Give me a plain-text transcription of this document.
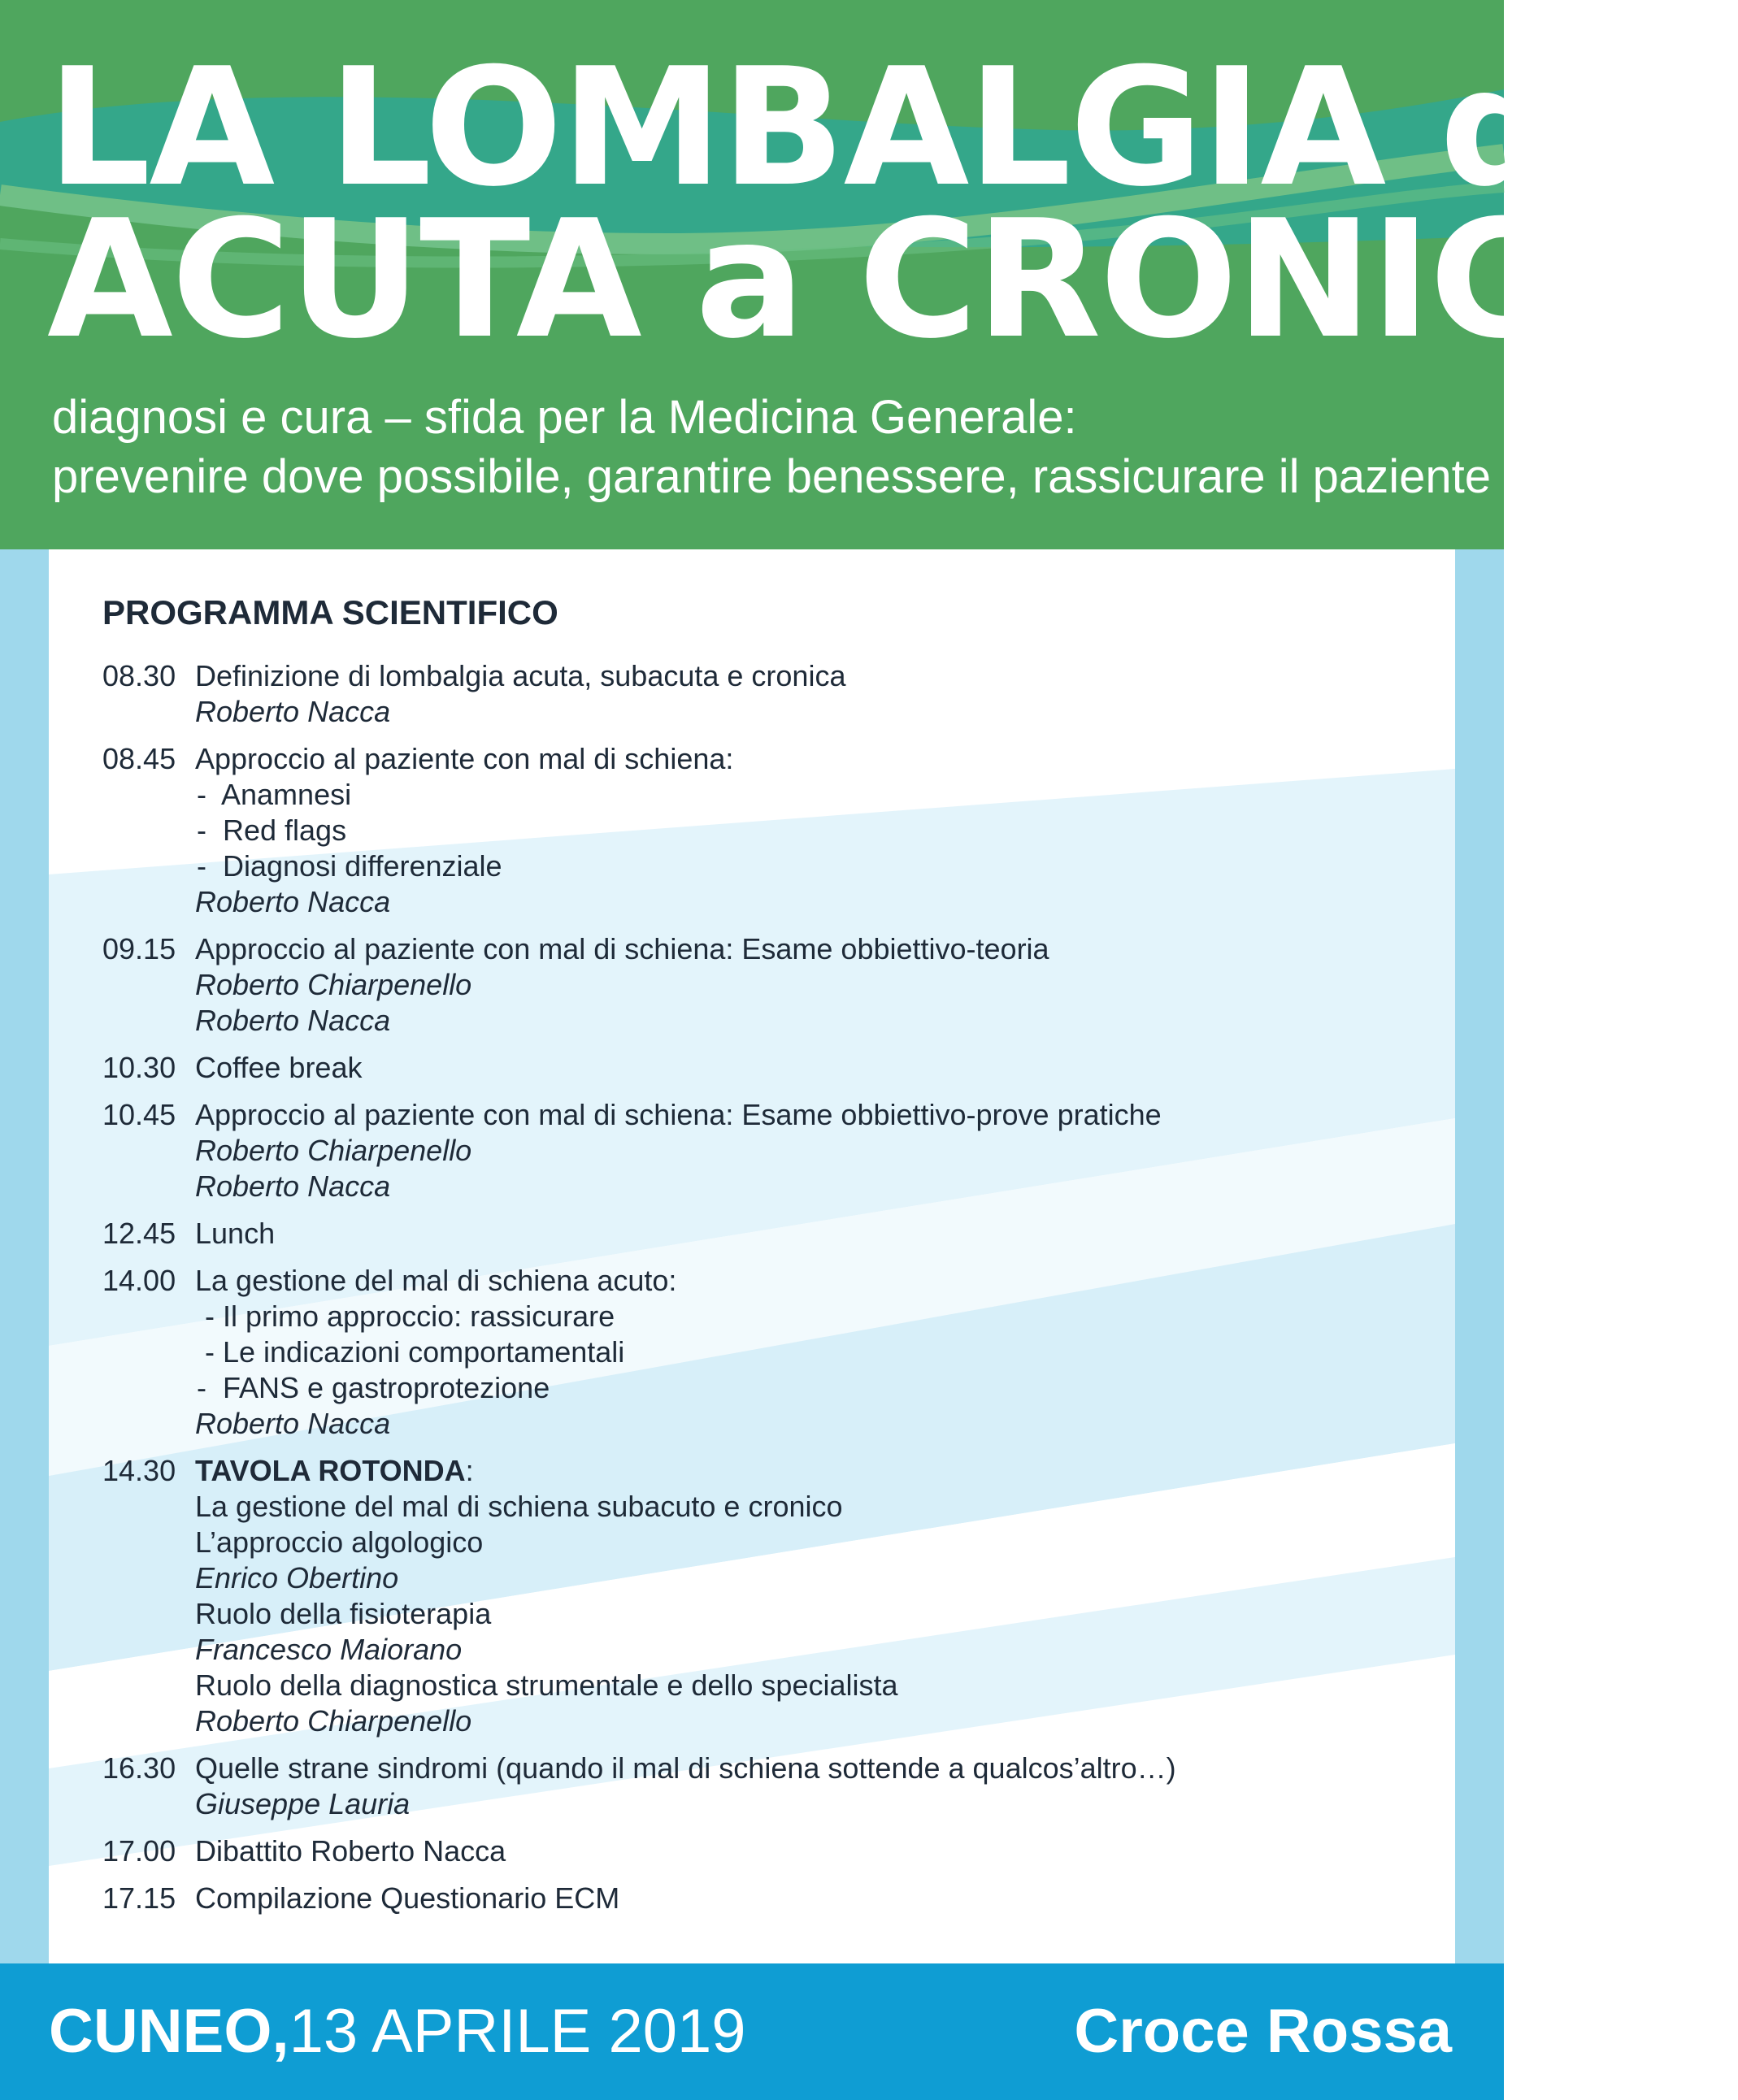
LA LOMBALGIA da
ACUTA a CRONICA:
diagnosi e cura – sfida per la Medicina Generale:
prevenire dove possibile, garantire benessere, rassicurare il paziente
PROGRAMMA SCIENTIFICO
08.30 Definizione di lombalgia acuta, subacuta e cronica
Roberto Nacca
08.45 Approccio al paziente con mal di schiena:
-  Anamnesi
-  Red flags
-  Diagnosi differenziale
Roberto Nacca
09.15 Approccio al paziente con mal di schiena: Esame obbiettivo-teoria
Roberto Chiarpenello
Roberto Nacca
10.30 Coffee break
10.45 Approccio al paziente con mal di schiena: Esame obbiettivo-prove pratiche
Roberto Chiarpenello
Roberto Nacca
12.45 Lunch
14.00 La gestione del mal di schiena acuto:
- Il primo approccio: rassicurare
- Le indicazioni comportamentali
-  FANS e gastroprotezione
Roberto Nacca
14.30 TAVOLA ROTONDA:
La gestione del mal di schiena subacuto e cronico
L’approccio algologico
Enrico Obertino
Ruolo della fisioterapia
Francesco Maiorano
Ruolo della diagnostica strumentale e dello specialista
Roberto Chiarpenello
16.30 Quelle strane sindromi (quando il mal di schiena sottende a qualcos’altro…)
Giuseppe Lauria
17.00 Dibattito Roberto Nacca
17.15 Compilazione Questionario ECM
CUNEO,13 APRILE 2019	Croce Rossa
